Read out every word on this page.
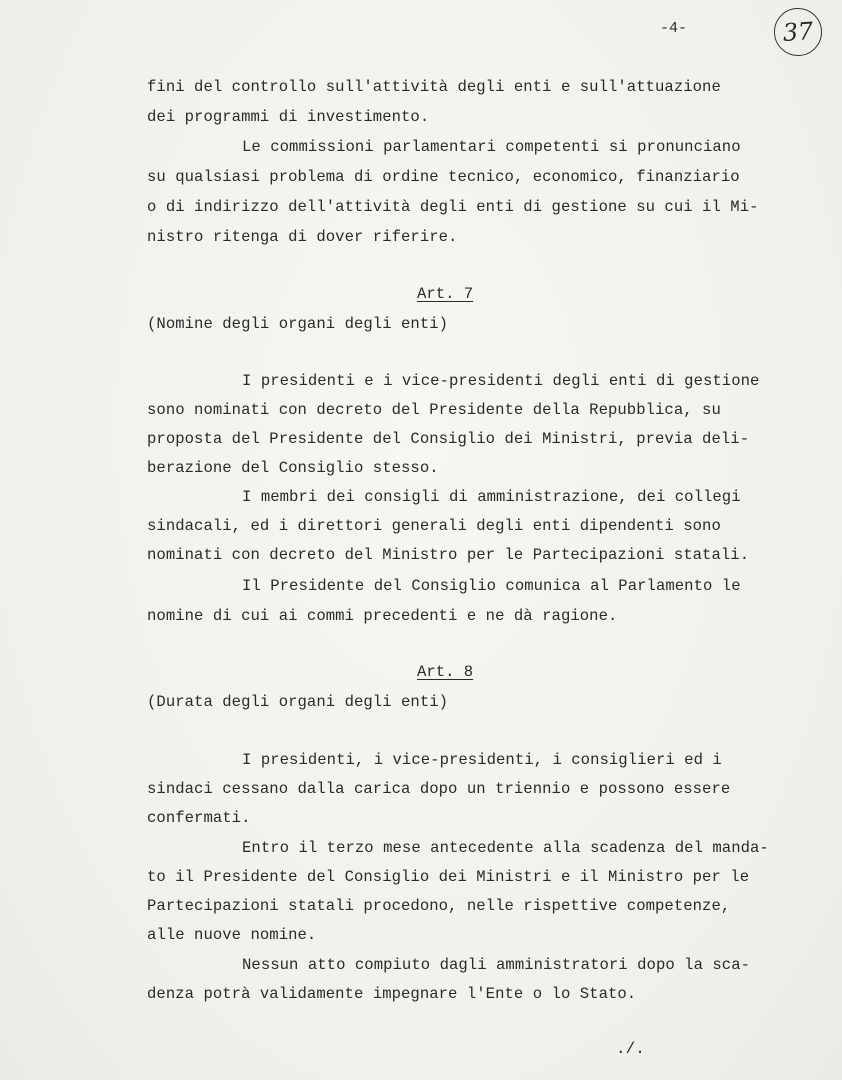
-4-	37
fini del controllo sull'attività degli enti e sull'attuazione
dei programmi di investimento.
Le commissioni parlamentari competenti si pronunciano
su qualsiasi problema di ordine tecnico, economico, finanziario
o di indirizzo dell'attività degli enti di gestione su cui il Mi-
nistro ritenga di dover riferire.
Art. 7
(Nomine degli organi degli enti)
I presidenti e i vice-presidenti degli enti di gestione
sono nominati con decreto del Presidente della Repubblica, su
proposta del Presidente del Consiglio dei Ministri, previa deli-
berazione del Consiglio stesso.
I membri dei consigli di amministrazione, dei collegi
sindacali, ed i direttori generali degli enti dipendenti sono
nominati con decreto del Ministro per le Partecipazioni statali.
Il Presidente del Consiglio comunica al Parlamento le
nomine di cui ai commi precedenti e ne dà ragione.
Art. 8
(Durata degli organi degli enti)
I presidenti, i vice-presidenti, i consiglieri ed i
sindaci cessano dalla carica dopo un triennio e possono essere
confermati.
Entro il terzo mese antecedente alla scadenza del manda-
to il Presidente del Consiglio dei Ministri e il Ministro per le
Partecipazioni statali procedono, nelle rispettive competenze,
alle nuove nomine.
Nessun atto compiuto dagli amministratori dopo la sca-
denza potrà validamente impegnare l'Ente o lo Stato.
./.
